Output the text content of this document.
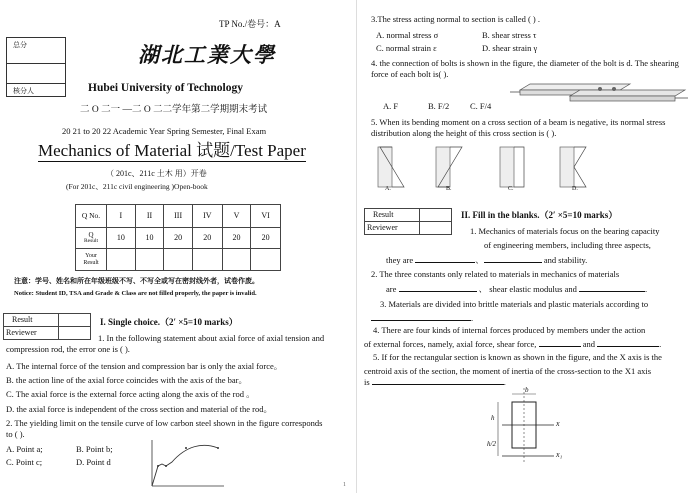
TP No./卷号：A
总分
核分人
湖北工業大學
Hubei University of Technology
二 O 二一 —二 O 二二学年第二学期期末考试
20 21 to 20 22 Academic Year Spring Semester, Final Exam
Mechanics of Material 试题/Test Paper
（ 201c、211c 土木 用）开卷
(For 201c、211c civil engineering )Open-book
Q No.	I	II	III	IV	V	VI

Q
Result	10	10	20	20	20	20
Your Result						
注意：学号、姓名和所在年级班级不写、不写全或写在密封线外者，试卷作废。
Notice: Student ID, TSA and Grade & Class are not filled properly, the paper is invalid.
Result	
Reviewer	
I. Single choice.（2′ ×5=10 marks）
1. In the following statement about axial force of axial tension and compression rod, the error one is ( ).
A. The internal force of the tension and compression bar is only the axial force。
B. the action line of the axial force coincides with the axis of the bar。
C. The axial force is the external force acting along the axis of the rod 。
D. the axial force is independent of the cross section and material of the rod。
2. The yielding limit on the tensile curve of low carbon steel shown in the figure corresponds to ( ).
A. Point a;	B. Point b;
C. Point c;	D. Point d
3.The stress acting normal to section is called ( ) .
A. normal stress σ	B. shear stress τ
C. normal strain ε	D. shear strain γ
4. the connection of bolts is shown in the figure, the diameter of the bolt is d. The shearing force of each bolt is( ).
A. F	B. F/2 C. F/4
5. When its bending moment on a cross section of a beam is negative, its normal stress distribution along the height of this cross section is ( ).
A.	B.	C.	D.
Result	
Reviewer	
II. Fill in the blanks.（2′ ×5=10 marks）
1. Mechanics of materials focus on the bearing capacity
of engineering members, including three aspects,
they are	、	and stability.
2. The three constants only related to materials in mechanics of materials
are	、 shear elastic modulus and	.
3. Materials are divided into brittle materials and plastic materials according to
.
4. There are four kinds of internal forces produced by members under the action
of external forces, namely, axial force, shear force,	and	.
5. If for the rectangular section is known as shown in the figure, and the X axis is the
centroid axis of the section, the moment of inertia of the cross-section to the X1 axis
is	.
b
h
h/2
x
x₁
1
